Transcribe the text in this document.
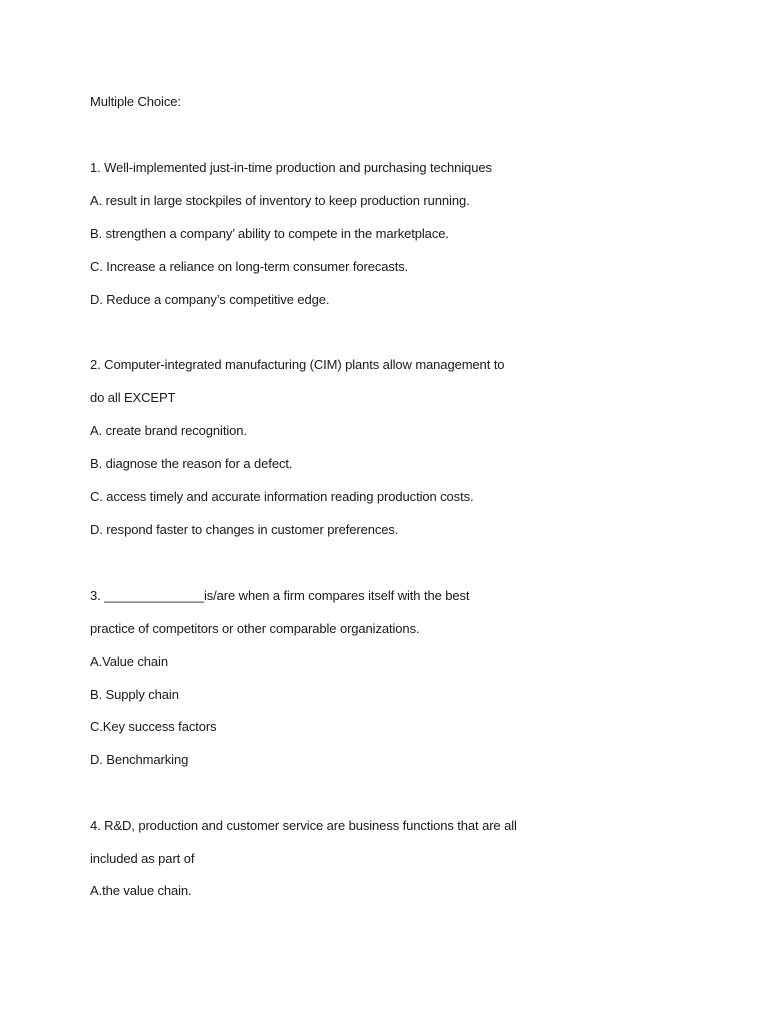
Multiple Choice:
1. Well-implemented just-in-time production and purchasing techniques
A. result in large stockpiles of inventory to keep production running.
B. strengthen a company’ ability to compete in the marketplace.
C. Increase a reliance on long-term consumer forecasts.
D. Reduce a company’s competitive edge.
2. Computer-integrated manufacturing (CIM) plants allow management to
do all EXCEPT
A. create brand recognition.
B. diagnose the reason for a defect.
C. access timely and accurate information reading production costs.
D. respond faster to changes in customer preferences.
3. ______________is/are when a firm compares itself with the best
practice of competitors or other comparable organizations.
A.Value chain
B. Supply chain
C.Key success factors
D. Benchmarking
4. R&D, production and customer service are business functions that are all
included as part of
A.the value chain.
